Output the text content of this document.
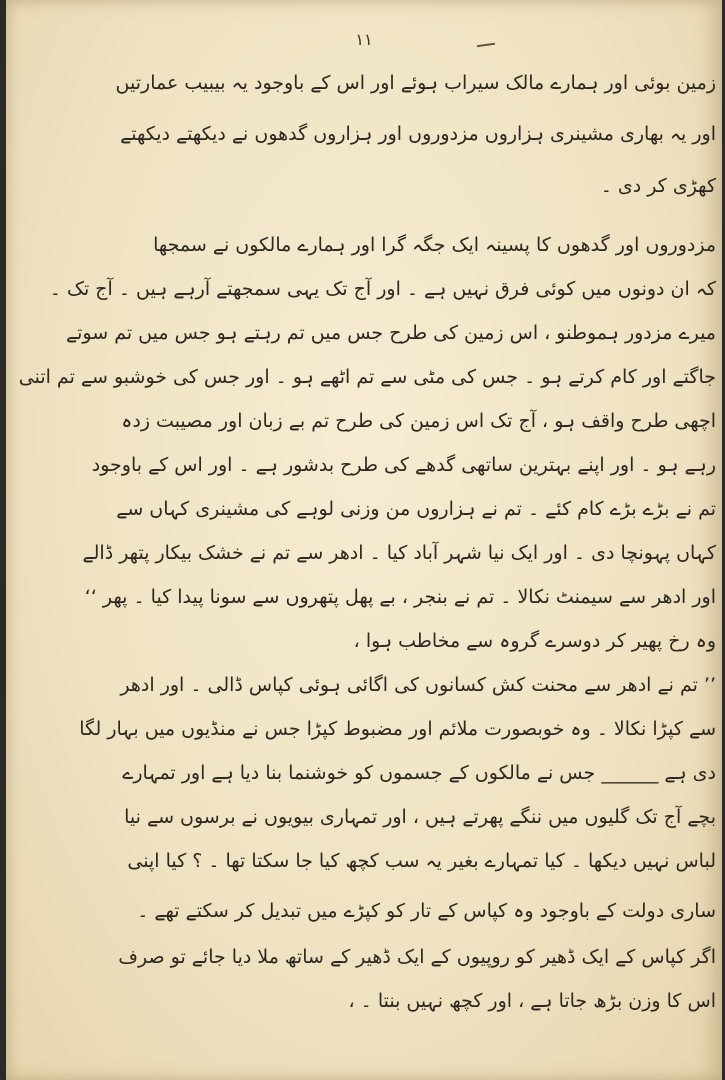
۱۱
زمین بوئی اور ہمارے مالک سیراب ہوئے اور اس کے باوجود یہ بیبیب عمارتیں
اور یہ بھاری مشینری ہزاروں مزدوروں اور ہزاروں گدھوں نے دیکھتے دیکھتے
کھڑی کر دی ۔
مزدوروں اور گدھوں کا پسینہ ایک جگہ گرا اور ہمارے مالکوں نے سمجھا
کہ ان دونوں میں کوئی فرق نہیں ہے ۔ اور آج تک یہی سمجھتے آرہے ہیں ۔ آج تک ۔
میرے مزدور ہموطنو ، اس زمین کی طرح جس میں تم رہتے ہو جس میں تم سوتے
جاگتے اور کام کرتے ہو ۔ جس کی مٹی سے تم اٹھے ہو ۔ اور جس کی خوشبو سے تم اتنی
اچھی طرح واقف ہو ، آج تک اس زمین کی طرح تم بے زبان اور مصیبت زدہ
رہے ہو ۔ اور اپنے بہترین ساتھی گدھے کی طرح بدشور ہے ۔ اور اس کے باوجود
تم نے بڑے بڑے کام کئے ۔ تم نے ہزاروں من وزنی لوہے کی مشینری کہاں سے
کہاں پہونچا دی ۔ اور ایک نیا شہر آباد کیا ۔ ادھر سے تم نے خشک بیکار پتھر ڈالے
اور ادھر سے سیمنٹ نکالا ۔ تم نے بنجر ، بے پھل پتھروں سے سونا پیدا کیا ۔ پھر ‘‘
وہ رخ پھیر کر دوسرے گروہ سے مخاطب ہوا ،
’’ تم نے ادھر سے محنت کش کسانوں کی اگائی ہوئی کپاس ڈالی ۔ اور ادھر
سے کپڑا نکالا ۔ وہ خوبصورت ملائم اور مضبوط کپڑا جس نے منڈیوں میں بہار لگا
دی ہے ______ جس نے مالکوں کے جسموں کو خوشنما بنا دیا ہے اور تمہارے
بچے آج تک گلیوں میں ننگے پھرتے ہیں ، اور تمہاری بیویوں نے برسوں سے نیا
لباس نہیں دیکھا ۔ کیا تمہارے بغیر یہ سب کچھ کیا جا سکتا تھا ۔ ؟ کیا اپنی
ساری دولت کے باوجود وہ کپاس کے تار کو کپڑے میں تبدیل کر سکتے تھے ۔
اگر کپاس کے ایک ڈھیر کو روپیوں کے ایک ڈھیر کے ساتھ ملا دیا جائے تو صرف
اس کا وزن بڑھ جاتا ہے ، اور کچھ نہیں بنتا ۔ ،
